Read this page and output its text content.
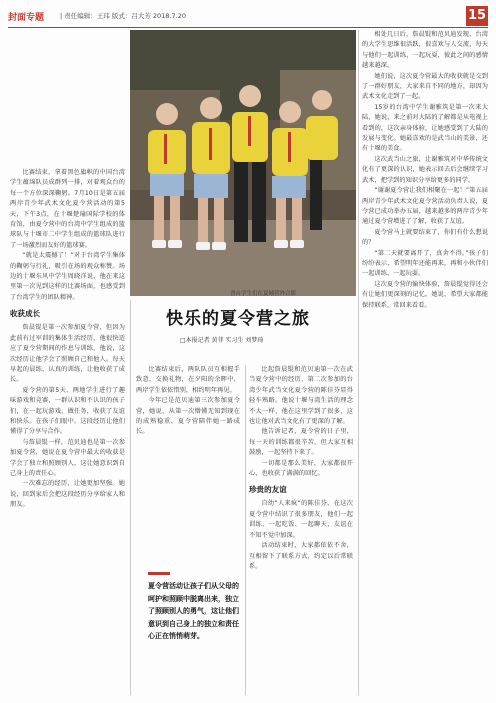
封面专题 | 责任编辑：王玮 版式：吕大芳 2018.7.20	15

比赛结束，拿着黑色旗帜的中国台湾学生蕴绵队员成群列一排，对着观众台的每一个方位深深鞠躬。7月10日是第五届两岸青少年武术文化夏令营活动的第5天，下午3点，在十堰楚瑜国际学校的体育馆，由夏令营中的台湾中学生组成的篮球队与十堰市二中学生组成的篮球队进行了一场激烈而友好的篮球赛。

“就是太震撼了！”对于台湾学生集体的鞠躬与行礼，吸引在场的观众称赞。场边的十堰东风中学生周晓洋说，他在来这里第一次见到这样的比赛场面，也感受到了台湾学生的团队精神。

收获成长

詹晨锟是第一次参加夏令营，但因为此前有过军训的集体生活经历，他很快适应了夏令营期间的作息与训练，他说，这次经历让他学会了照顾自己和他人。每天早起的晨练、认真的训练，让他收获了成长。

夏令营的第5天，两地学生进行了趣味游戏和竞赛，一群认识和不认识的孩子们，在一起玩游戏、做任务，收获了友谊和快乐。在孩子们眼中，这段经历让他们懂得了分享与合作。

与詹晨锟一样，范贝迪也是第一次参加夏令营，她说在夏令营中最大的收获是学会了独立和照顾别人，这让她意识到自己身上的责任心。

一次难忘的经历，让她更加坚强。她说，回到家后会把这段经历分享给家人和朋友。

晋台学生们在夏城营外合影
快乐的夏令营之旅
□本报记者 黄菲 实习生 刘梦琦

比赛结束后，两队队员互相握手致意，交换礼物，在夕阳的余晖中，两岸学生依依惜别，相约明年再见。

今年已是范贝迪第三次参加夏令营，她说，从第一次懵懂无知到现在的成熟稳重，夏令营陪伴她一路成长。

夏令营活动让孩子们从父母的呵护和照顾中脱离出来，独立了照顾别人的勇气，这让他们意识到自己身上的独立和责任心正在悄悄萌芽。

比起詹晨锟和范贝迪第一次在武当夏令营中的经历，第二次参加的台湾少年武当文化夏令营的陈佳芬显得轻车熟路。他说十堰与湾生活的理念不大一样，他在这里学到了很多，这也让他对武当文化有了更深的了解。

他告诉记者，夏令营的日子里，每一天的训练都很辛苦，但大家互相鼓励，一起坚持下来了。

一切都是那么美好，大家都很开心，也收获了满满的回忆。

珍贵的友谊

自幼“人来疯”的陈佳芬，在这次夏令营中结识了很多朋友，他们一起训练、一起吃饭、一起聊天，友谊在不知不觉中加深。

活动结束时，大家都依依不舍，互相留下了联系方式，约定以后常联系。

相处几日后，詹晨锟和范贝迪发现，台湾的大学生思维很活跃，很喜欢与人交流，每天与他们一起训练、一起玩耍，彼此之间的感情越来越深。

她们说，这次夏令营最大的收获就是交到了一群好朋友，大家来自不同的地方，却因为武术文化走到了一起。

15岁的台湾中学生谢雅筑是第一次来大陆，她说，来之前对大陆的了解都是从电视上看到的，这次亲身体验，让她感受到了大陆的发展与变化。她最喜欢的是武当山的美景，还有十堰的美食。

这次武当山之旅，让谢雅筑对中华传统文化有了更深的认识，她表示回去后会继续学习武术，把学到的知识分享给更多的同学。

“谢谢夏令营让我们相聚在一起！”第五届两岸青少年武术文化夏令营活动负责人说，夏令营已成功举办五届，越来越多的两岸青少年通过夏令营增进了了解，收获了友谊。

夏令营马上就要结束了，你们有什么想说的？

“第二天就要离开了，真舍不得。”孩子们纷纷表示，希望明年还能再来，再和小伙伴们一起训练、一起玩耍。

这次夏令营的愉快体验，詹晨锟觉得还会有让她们更深刻的记忆。她说，希望大家都能保持联系，常回来看看。
